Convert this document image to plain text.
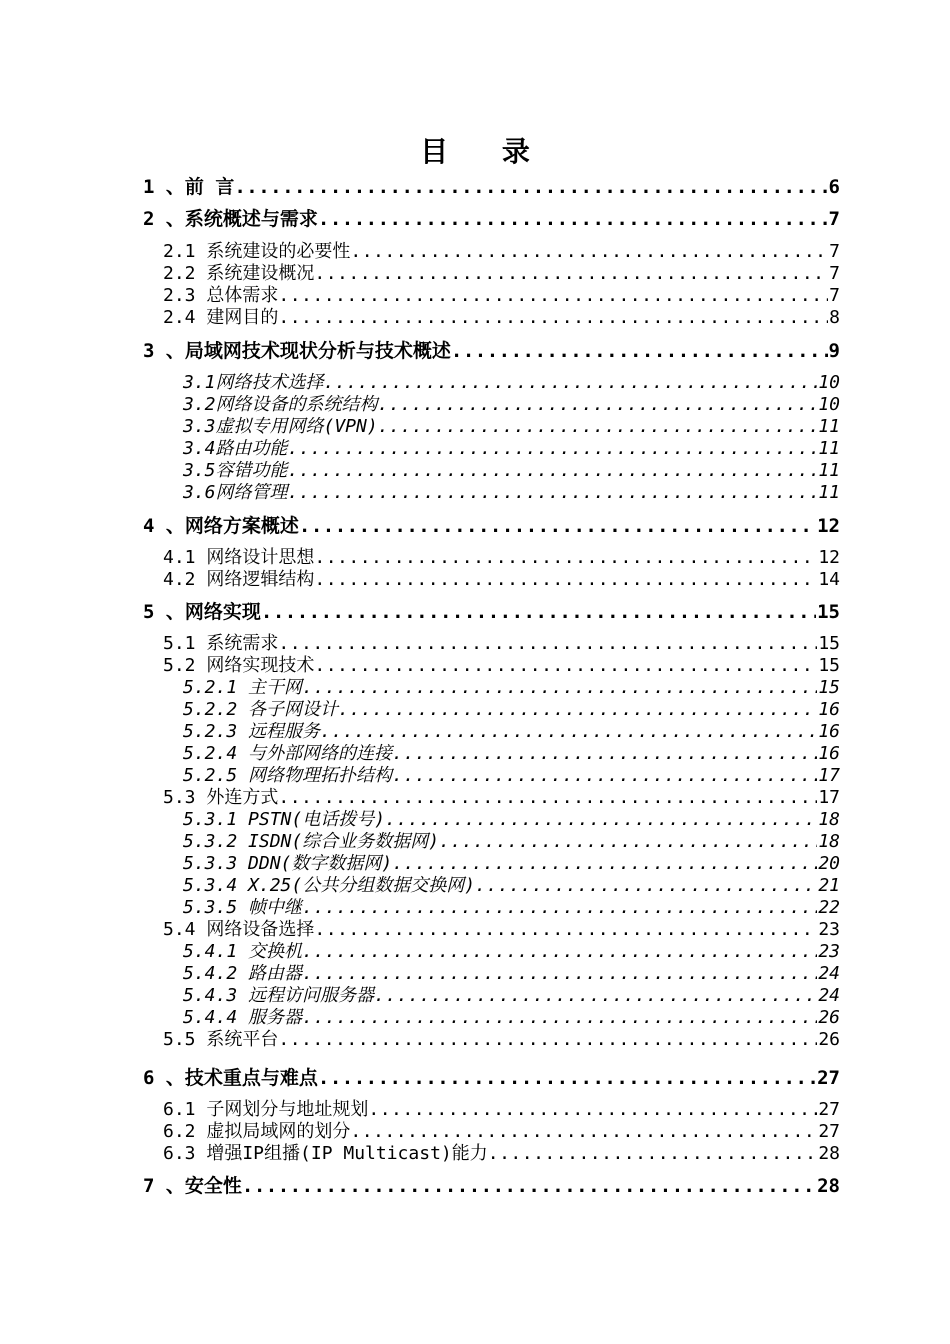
目 录
1 、前 言 .....	6
2 、系统概述与需求 .....	7
2.1 系统建设的必要性 .....	7
2.2 系统建设概况 .....	7
2.3 总体需求 .....	7
2.4 建网目的 .....	8
3 、局域网技术现状分析与技术概述 .....	9
3.1网络技术选择 .....	10
3.2网络设备的系统结构 .....	10
3.3虚拟专用网络(VPN) .....	11
3.4路由功能 .....	11
3.5容错功能 .....	11
3.6网络管理 .....	11
4 、网络方案概述 .....	12
4.1 网络设计思想 .....	12
4.2 网络逻辑结构 .....	14
5 、网络实现 .....	15
5.1 系统需求 .....	15
5.2 网络实现技术 .....	15
5.2.1 主干网 .....	15
5.2.2 各子网设计 .....	16
5.2.3 远程服务 .....	16
5.2.4 与外部网络的连接 .....	16
5.2.5 网络物理拓扑结构 .....	17
5.3 外连方式 .....	17
5.3.1 PSTN(电话拨号) .....	18
5.3.2 ISDN(综合业务数据网) .....	18
5.3.3 DDN(数字数据网) .....	20
5.3.4 X.25(公共分组数据交换网) .....	21
5.3.5 帧中继 .....	22
5.4 网络设备选择 .....	23
5.4.1 交换机 .....	23
5.4.2 路由器 .....	24
5.4.3 远程访问服务器 .....	24
5.4.4 服务器 .....	26
5.5 系统平台 .....	26
6 、技术重点与难点 .....	27
6.1 子网划分与地址规划 .....	27
6.2 虚拟局域网的划分 .....	27
6.3 增强IP组播(IP Multicast)能力 .....	28
7 、安全性 .....	28
